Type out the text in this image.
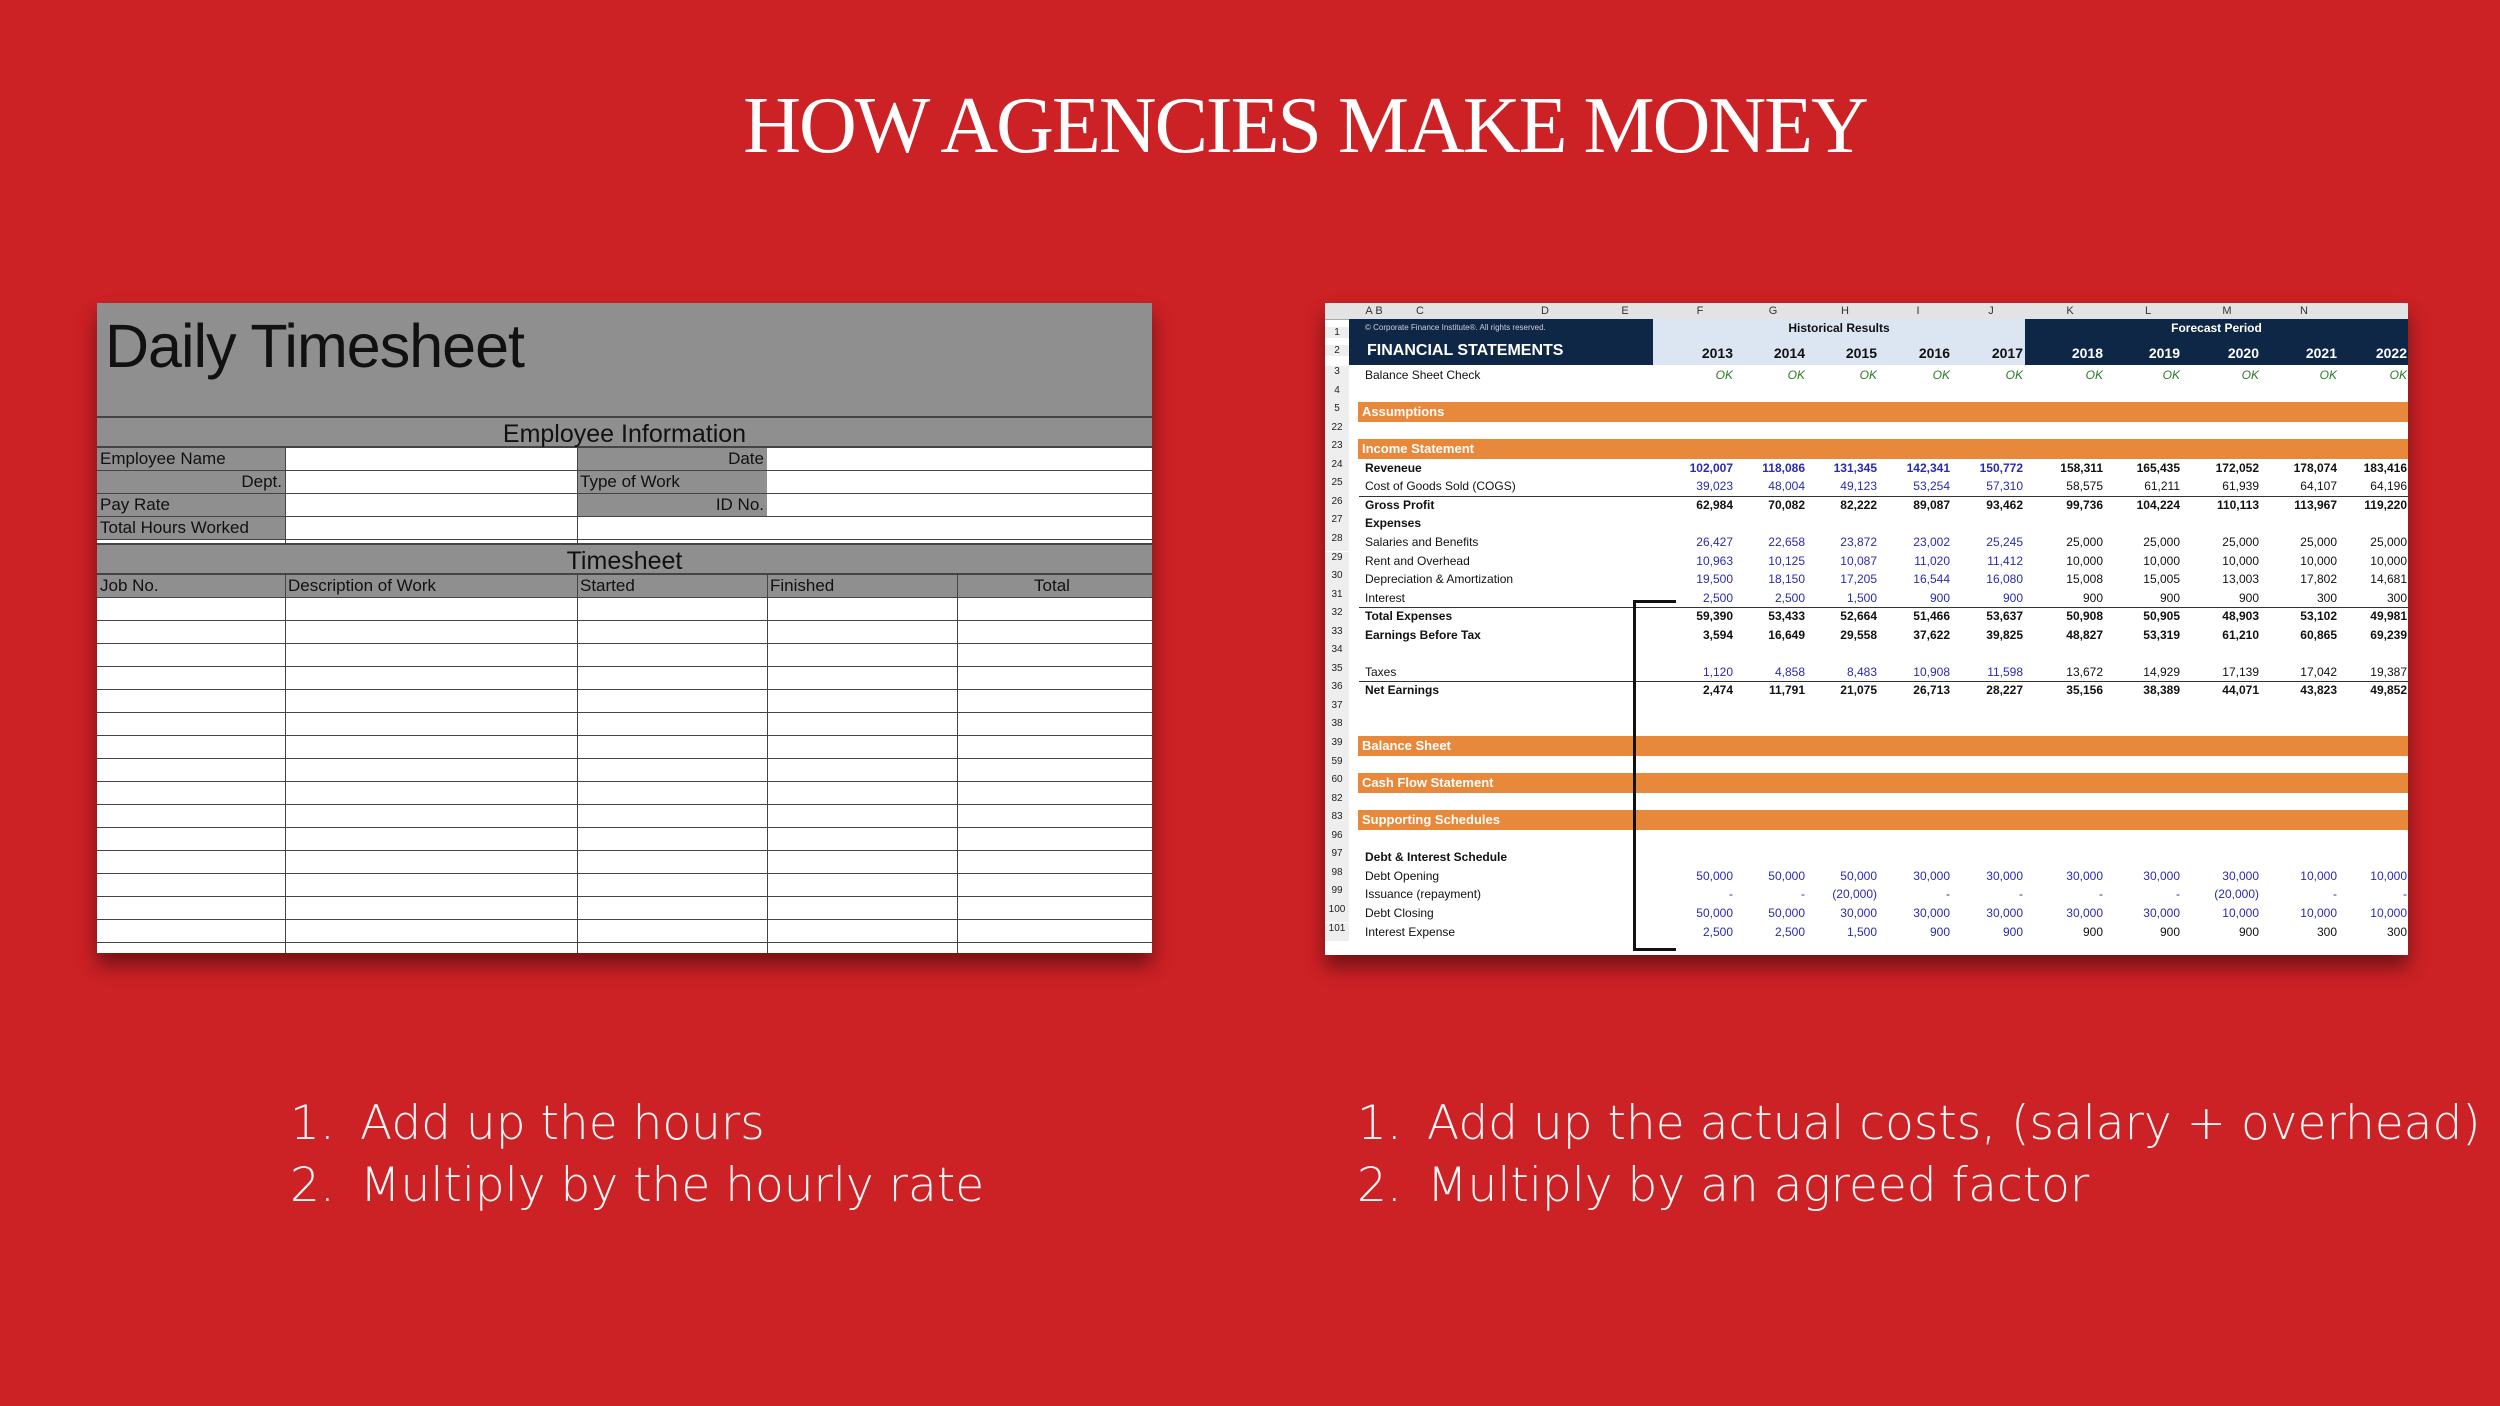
HOW AGENCIES MAKE MONEY
Daily Timesheet
Employee Information
Employee Name	Date
Dept.	Type of Work
Pay Rate	ID No.
Total Hours Worked
Timesheet
Job No.	Description of Work	Started	Finished	Total
A B	C	D	E	F	G	H	I	J	K	L	M	N
© Corporate Finance Institute®. All rights reserved.
FINANCIAL STATEMENTS
Historical Results	Forecast Period
2013	2014	2015	2016	2017	2018	2019	2020	2021	2022
1
2
3	Balance Sheet Check	OK	OK	OK	OK	OK	OK	OK	OK	OK	OK
4
5	Assumptions
22
23	Income Statement
24	Reveneue	102,007	118,086	131,345	142,341	150,772	158,311	165,435	172,052	178,074	183,416
25	Cost of Goods Sold (COGS)	39,023	48,004	49,123	53,254	57,310	58,575	61,211	61,939	64,107	64,196
26	Gross Profit	62,984	70,082	82,222	89,087	93,462	99,736	104,224	110,113	113,967	119,220
27	Expenses
28	Salaries and Benefits	26,427	22,658	23,872	23,002	25,245	25,000	25,000	25,000	25,000	25,000
29	Rent and Overhead	10,963	10,125	10,087	11,020	11,412	10,000	10,000	10,000	10,000	10,000
30	Depreciation & Amortization	19,500	18,150	17,205	16,544	16,080	15,008	15,005	13,003	17,802	14,681
31	Interest	2,500	2,500	1,500	900	900	900	900	900	300	300
32	Total Expenses	59,390	53,433	52,664	51,466	53,637	50,908	50,905	48,903	53,102	49,981
33	Earnings Before Tax	3,594	16,649	29,558	37,622	39,825	48,827	53,319	61,210	60,865	69,239
34
35	Taxes	1,120	4,858	8,483	10,908	11,598	13,672	14,929	17,139	17,042	19,387
36	Net Earnings	2,474	11,791	21,075	26,713	28,227	35,156	38,389	44,071	43,823	49,852
37
38
39	Balance Sheet
59
60	Cash Flow Statement
82
83	Supporting Schedules
96
97	Debt & Interest Schedule
98	Debt Opening	50,000	50,000	50,000	30,000	30,000	30,000	30,000	30,000	10,000	10,000
99	Issuance (repayment)	-	-	(20,000)	-	-	-	-	(20,000)	-	-
100	Debt Closing	50,000	50,000	30,000	30,000	30,000	30,000	30,000	10,000	10,000	10,000
101	Interest Expense	2,500	2,500	1,500	900	900	900	900	900	300	300
1. Add up the hours
2. Multiply by the hourly rate
1. Add up the actual costs, (salary + overhead)
2. Multiply by an agreed factor
